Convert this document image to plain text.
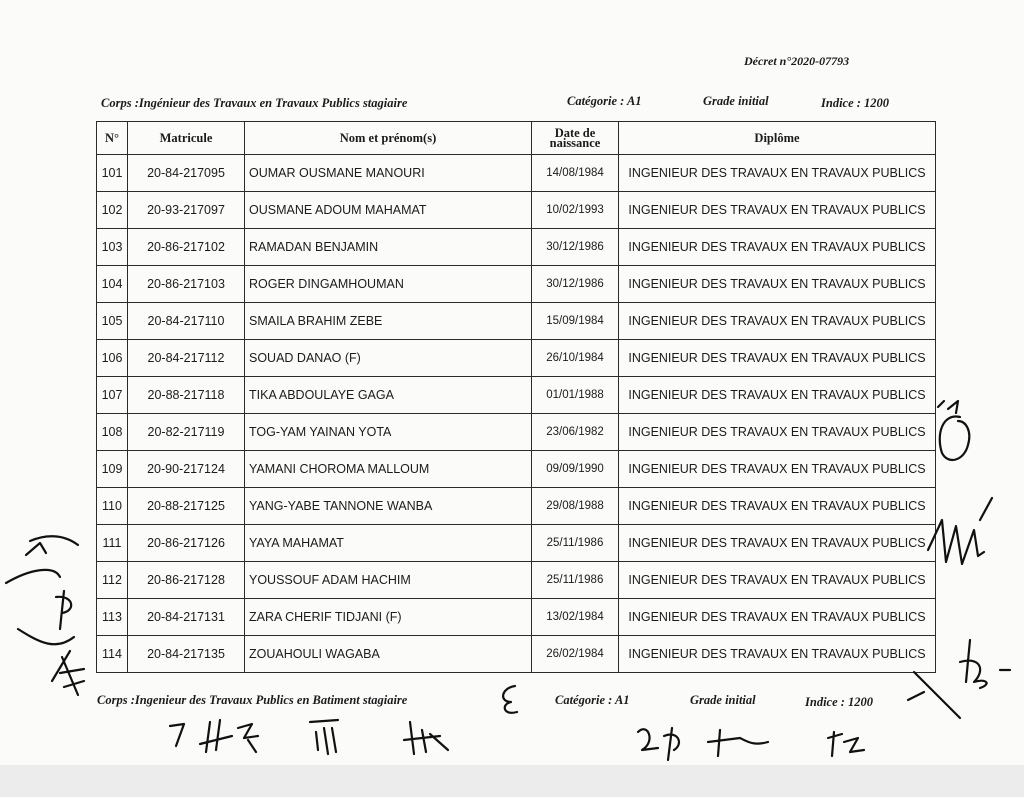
Décret n°2020-07793
Corps :Ingénieur des Travaux en Travaux Publics stagiaire	Catégorie : A1	Grade initial	Indice : 1200
N°	Matricule	Nom et prénom(s)	Date de naissance	Diplôme
101	20-84-217095	OUMAR OUSMANE MANOURI	14/08/1984	INGENIEUR DES TRAVAUX EN TRAVAUX PUBLICS
102	20-93-217097	OUSMANE ADOUM MAHAMAT	10/02/1993	INGENIEUR DES TRAVAUX EN TRAVAUX PUBLICS
103	20-86-217102	RAMADAN BENJAMIN	30/12/1986	INGENIEUR DES TRAVAUX EN TRAVAUX PUBLICS
104	20-86-217103	ROGER DINGAMHOUMAN	30/12/1986	INGENIEUR DES TRAVAUX EN TRAVAUX PUBLICS
105	20-84-217110	SMAILA BRAHIM ZEBE	15/09/1984	INGENIEUR DES TRAVAUX EN TRAVAUX PUBLICS
106	20-84-217112	SOUAD DANAO (F)	26/10/1984	INGENIEUR DES TRAVAUX EN TRAVAUX PUBLICS
107	20-88-217118	TIKA ABDOULAYE GAGA	01/01/1988	INGENIEUR DES TRAVAUX EN TRAVAUX PUBLICS
108	20-82-217119	TOG-YAM YAINAN YOTA	23/06/1982	INGENIEUR DES TRAVAUX EN TRAVAUX PUBLICS
109	20-90-217124	YAMANI CHOROMA MALLOUM	09/09/1990	INGENIEUR DES TRAVAUX EN TRAVAUX PUBLICS
110	20-88-217125	YANG-YABE TANNONE WANBA	29/08/1988	INGENIEUR DES TRAVAUX EN TRAVAUX PUBLICS
111	20-86-217126	YAYA MAHAMAT	25/11/1986	INGENIEUR DES TRAVAUX EN TRAVAUX PUBLICS
112	20-86-217128	YOUSSOUF ADAM HACHIM	25/11/1986	INGENIEUR DES TRAVAUX EN TRAVAUX PUBLICS
113	20-84-217131	ZARA CHERIF TIDJANI (F)	13/02/1984	INGENIEUR DES TRAVAUX EN TRAVAUX PUBLICS
114	20-84-217135	ZOUAHOULI WAGABA	26/02/1984	INGENIEUR DES TRAVAUX EN TRAVAUX PUBLICS
Corps :Ingenieur des Travaux Publics en Batiment stagiaire	Catégorie : A1	Grade initial	Indice : 1200
